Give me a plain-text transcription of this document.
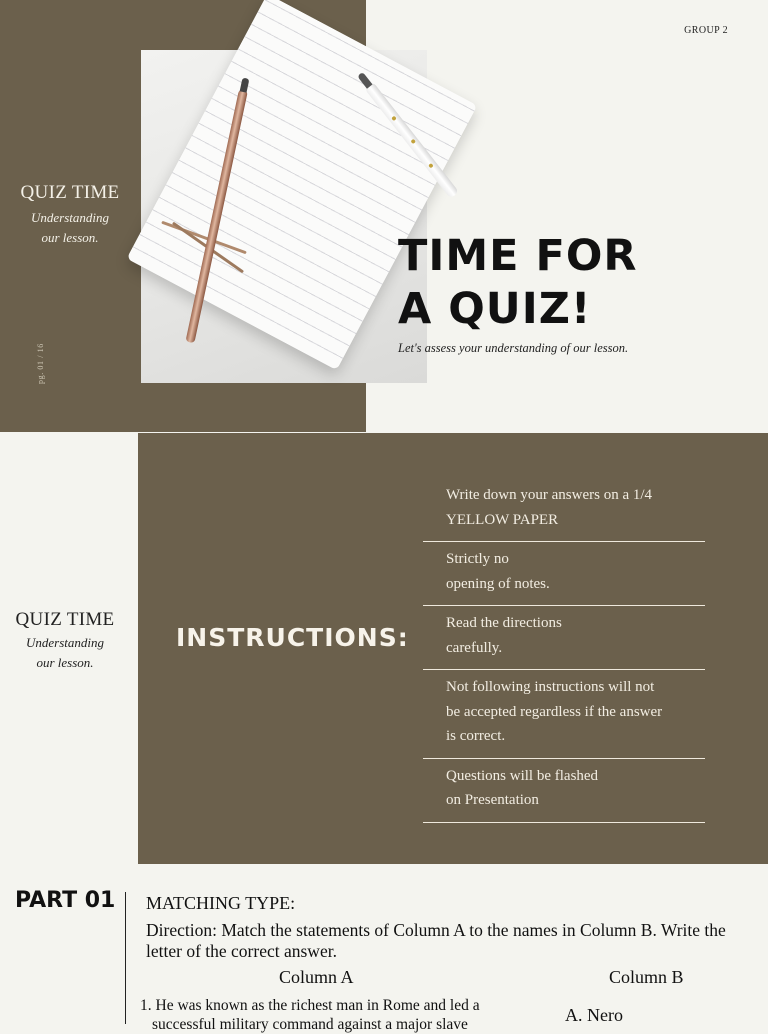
QUIZ TIME
Understanding
our lesson.
pg. 01 / 16
GROUP 2
TIME FOR
A QUIZ!
Let's assess your understanding of our lesson.
QUIZ TIME
Understanding
our lesson.
INSTRUCTIONS:
Write down your answers on a 1/4
YELLOW PAPER
Strictly no
opening of notes.
Read the directions
carefully.
Not following instructions will not
be accepted regardless if the answer
is correct.
Questions will be flashed
on Presentation
PART 01 MATCHING TYPE:
Direction: Match the statements of Column A to the names in Column B. Write the letter of the correct answer.
Column A	Column B
1. He was known as the richest man in Rome and led a
successful military command against a major slave	A. Nero
